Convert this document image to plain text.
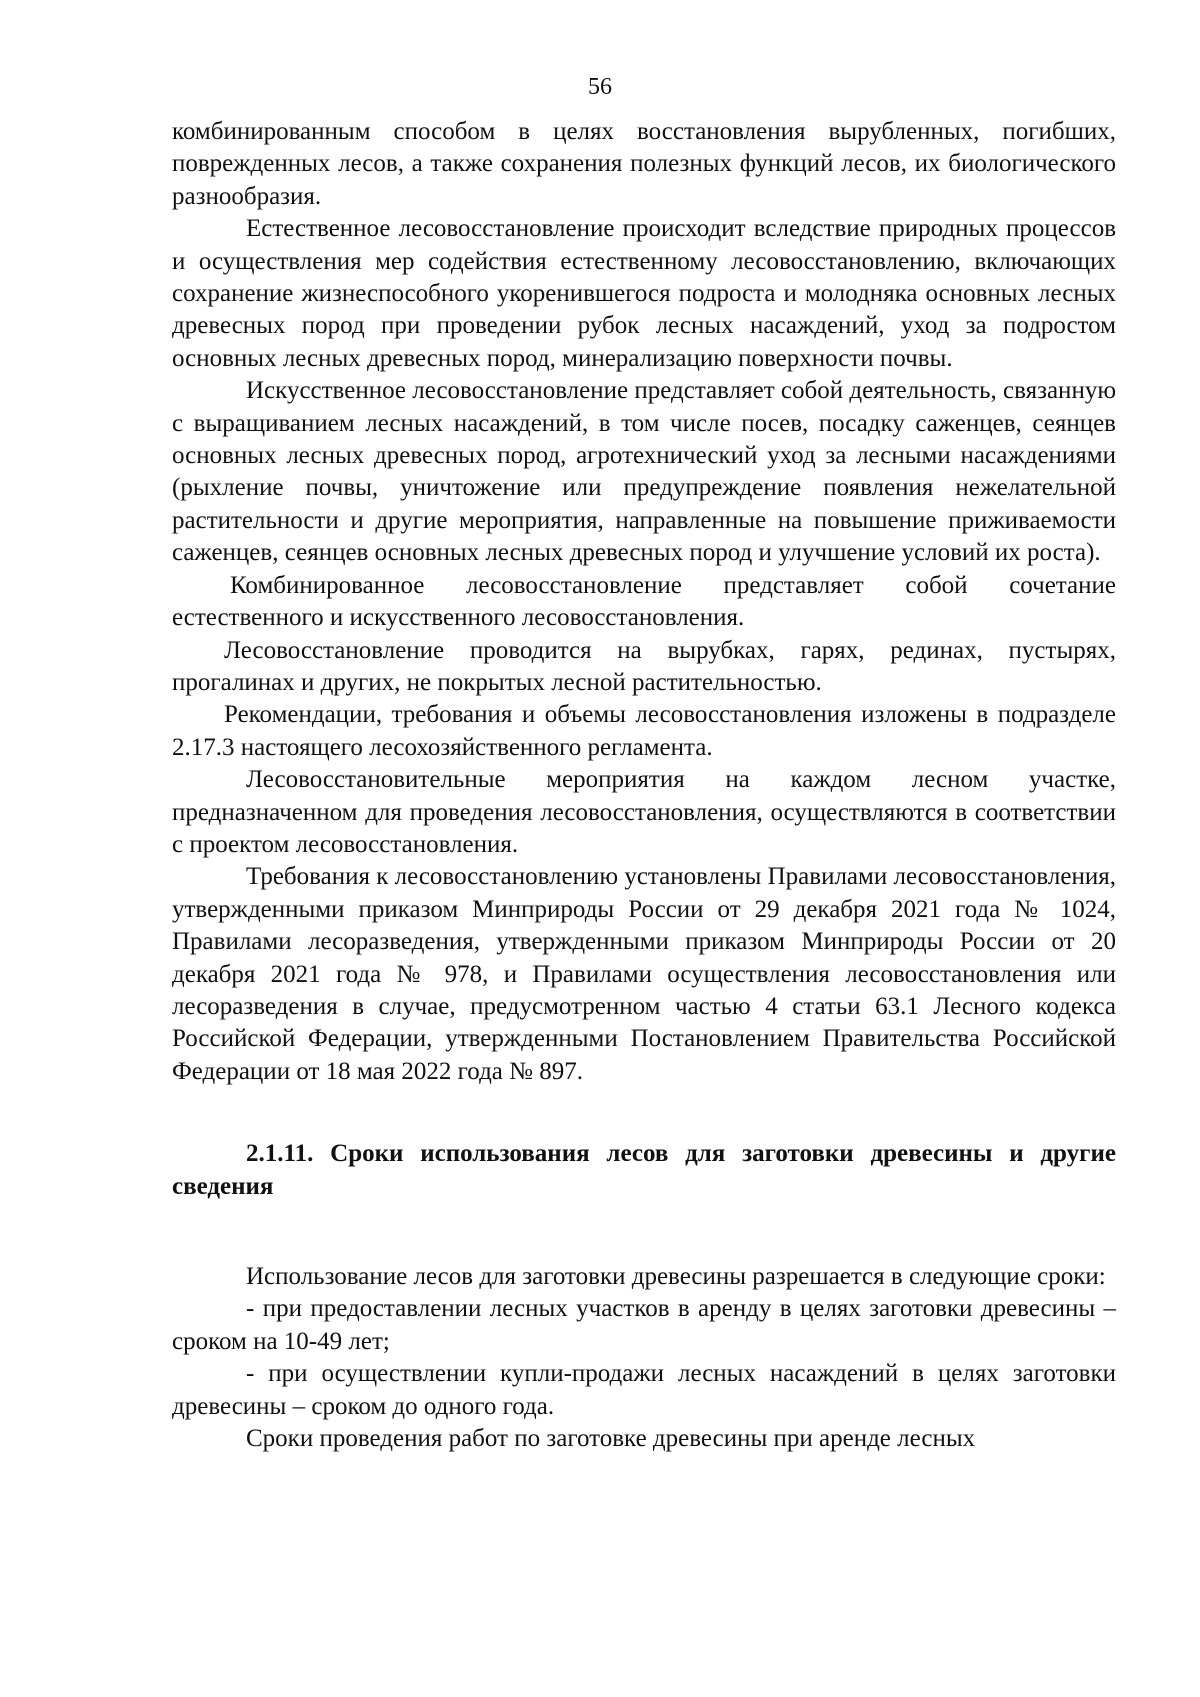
56

комбинированным способом в целях восстановления вырубленных, погибших, поврежденных лесов, а также сохранения полезных функций лесов, их биологического разнообразия.

Естественное лесовосстановление происходит вследствие природных процессов и осуществления мер содействия естественному лесовосстановлению, включающих сохранение жизнеспособного укоренившегося подроста и молодняка основных лесных древесных пород при проведении рубок лесных насаждений, уход за подростом основных лесных древесных пород, минерализацию поверхности почвы.

Искусственное лесовосстановление представляет собой деятельность, связанную с выращиванием лесных насаждений, в том числе посев, посадку саженцев, сеянцев основных лесных древесных пород, агротехнический уход за лесными насаждениями (рыхление почвы, уничтожение или предупреждение появления нежелательной растительности и другие мероприятия, направленные на повышение приживаемости саженцев, сеянцев основных лесных древесных пород и улучшение условий их роста).

Комбинированное лесовосстановление представляет собой сочетание естественного и искусственного лесовосстановления.

Лесовосстановление проводится на вырубках, гарях, рединах, пустырях, прогалинах и других, не покрытых лесной растительностью.

Рекомендации, требования и объемы лесовосстановления изложены в подразделе 2.17.3 настоящего лесохозяйственного регламента.

Лесовосстановительные мероприятия на каждом лесном участке, предназначенном для проведения лесовосстановления, осуществляются в соответствии с проектом лесовосстановления.

Требования к лесовосстановлению установлены Правилами лесовосстановления, утвержденными приказом Минприроды России от 29 декабря 2021 года № 1024, Правилами лесоразведения, утвержденными приказом Минприроды России от 20 декабря 2021 года № 978, и Правилами осуществления лесовосстановления или лесоразведения в случае, предусмотренном частью 4 статьи 63.1 Лесного кодекса Российской Федерации, утвержденными Постановлением Правительства Российской Федерации от 18 мая 2022 года № 897.

2.1.11. Сроки использования лесов для заготовки древесины и другие сведения

Использование лесов для заготовки древесины разрешается в следующие сроки:

- при предоставлении лесных участков в аренду в целях заготовки древесины – сроком на 10-49 лет;

- при осуществлении купли-продажи лесных насаждений в целях заготовки древесины – сроком до одного года.

Сроки проведения работ по заготовке древесины при аренде лесных
